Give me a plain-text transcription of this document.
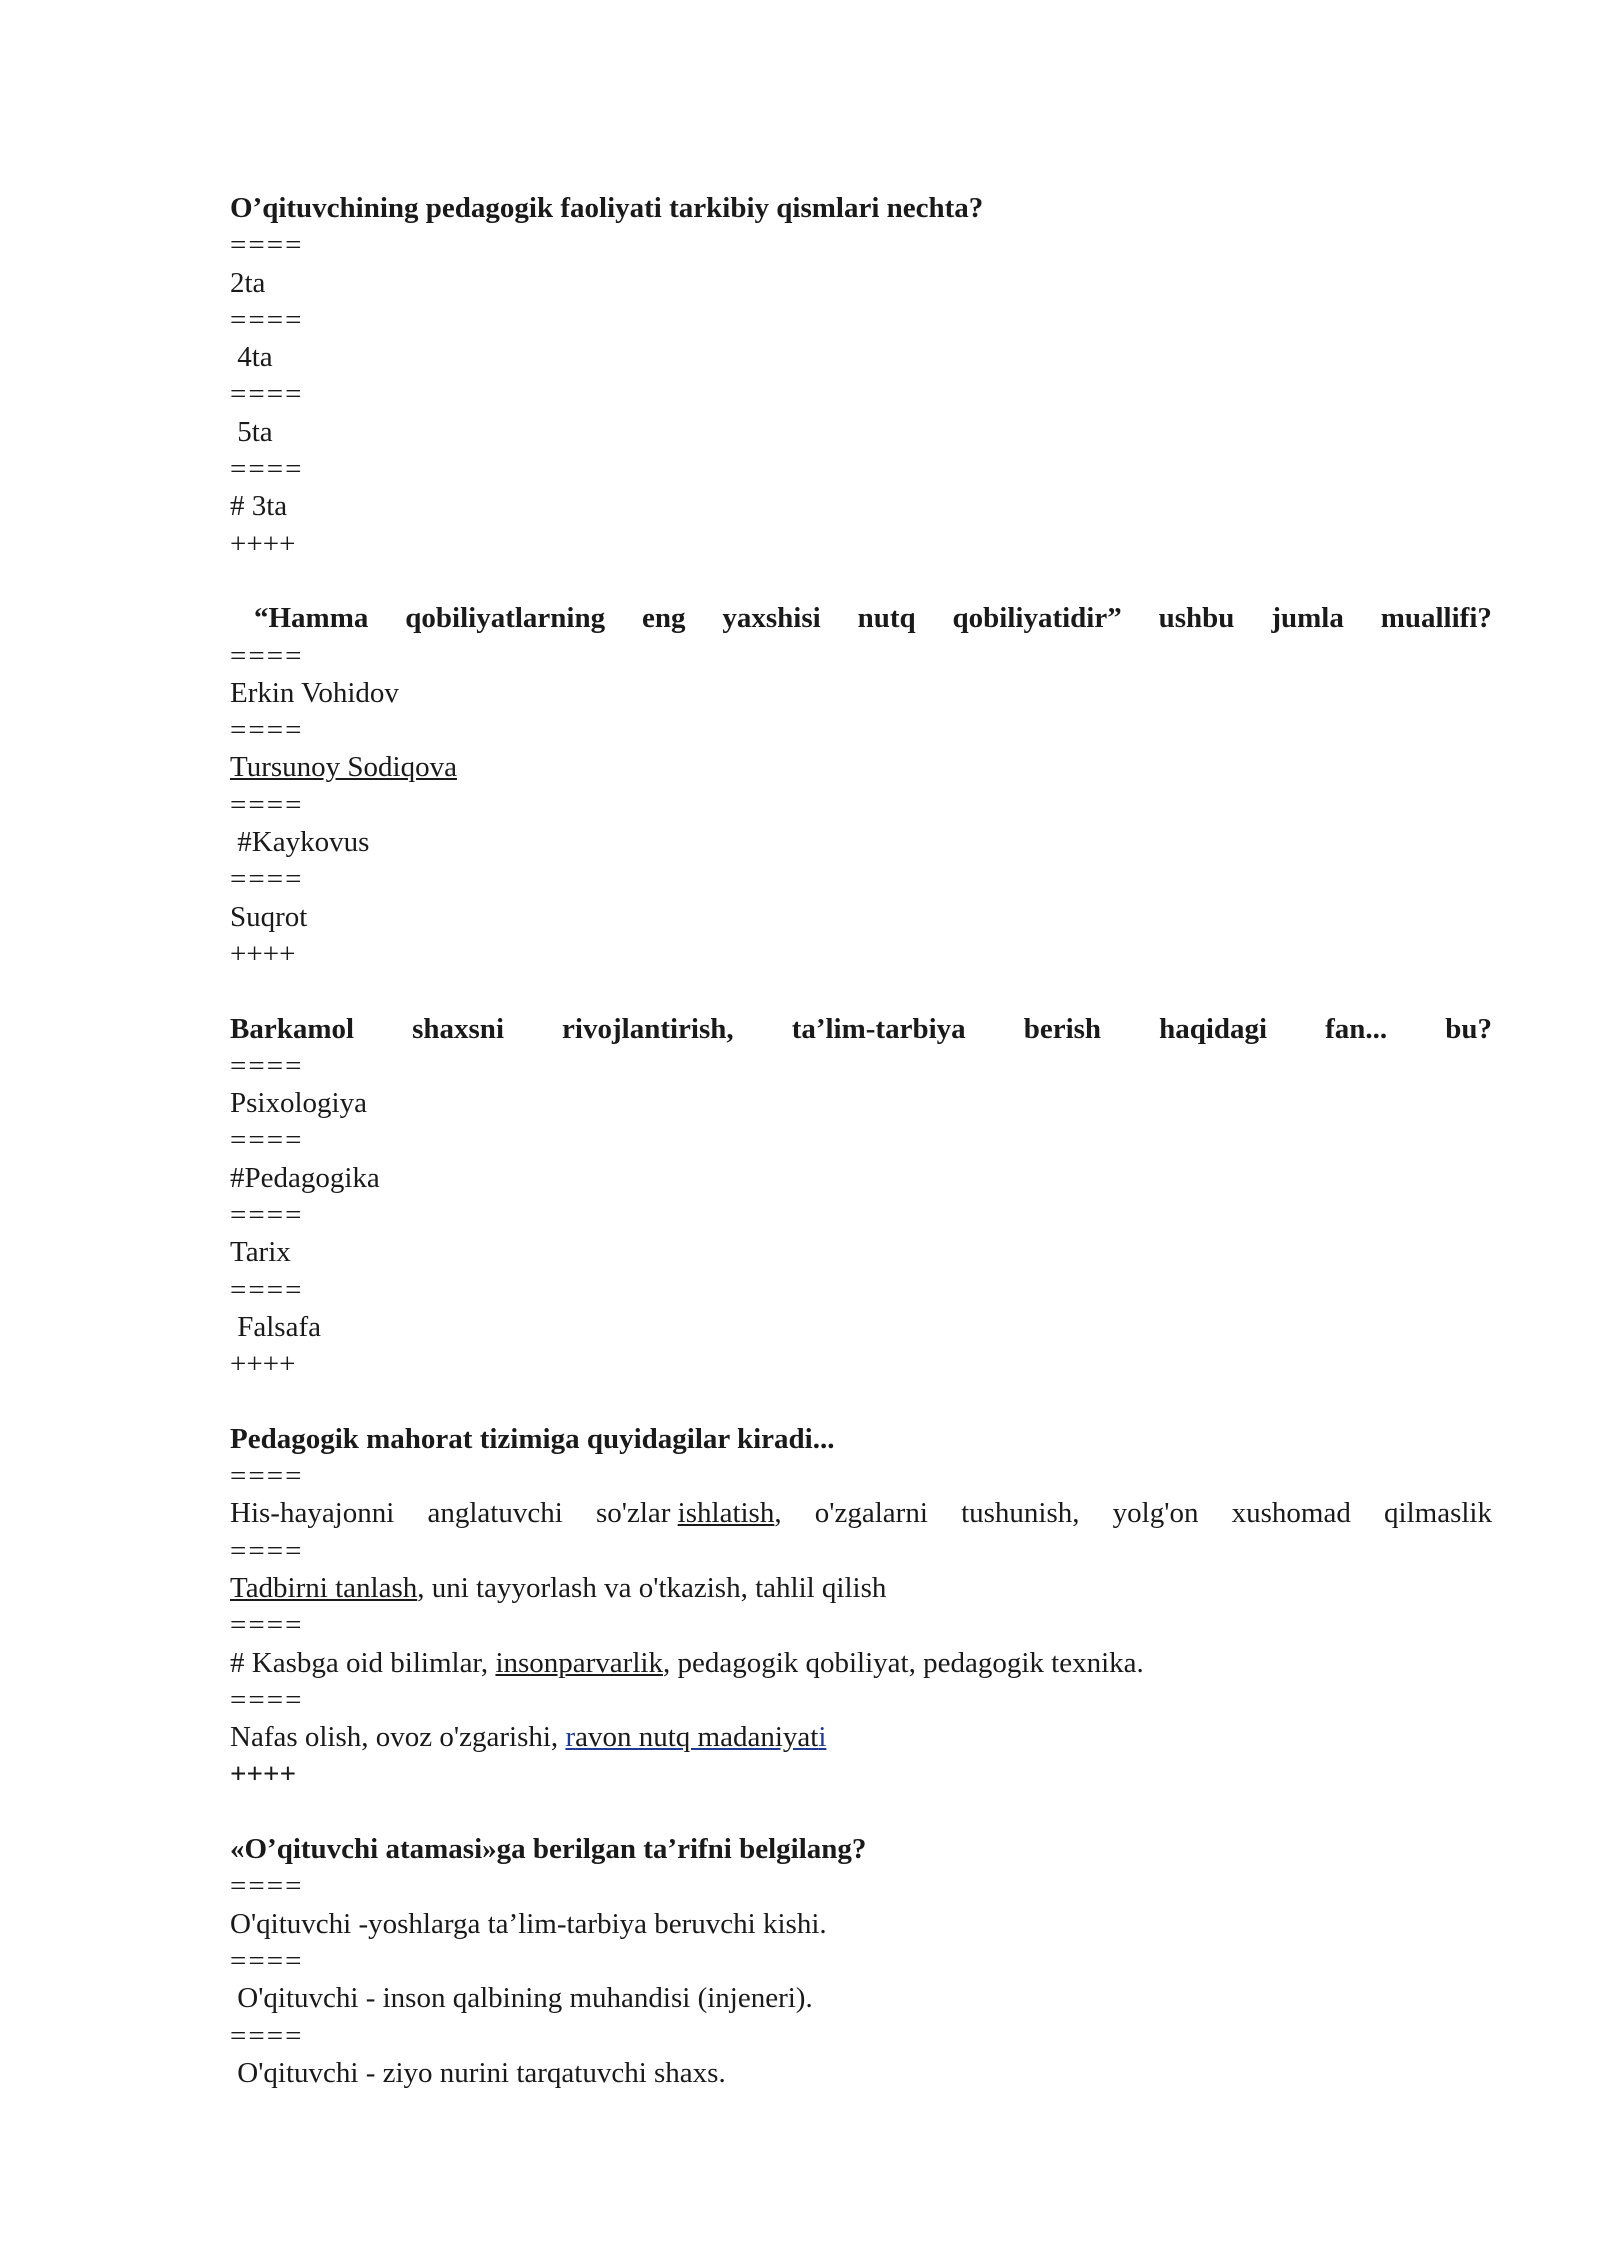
O’qituvchining pedagogik faoliyati tarkibiy qismlari nechta?
====
2ta
====
4ta
====
5ta
====
# 3ta
++++
“Hamma qobiliyatlarning eng yaxshisi nutq qobiliyatidir” ushbu jumla muallifi?
====
Erkin Vohidov
====
Tursunoy Sodiqova
====
#Kaykovus
====
Suqrot
++++
Barkamol shaxsni rivojlantirish, ta’lim-tarbiya berish haqidagi fan... bu?
====
Psixologiya
====
#Pedagogika
====
Tarix
====
Falsafa
++++
Pedagogik mahorat tizimiga quyidagilar kiradi...
====
His-hayajonni anglatuvchi so'zlar ishlatish, o'zgalarni tushunish, yolg'on xushomad qilmaslik
====
Tadbirni tanlash, uni tayyorlash va o'tkazish, tahlil qilish
====
# Kasbga oid bilimlar, insonparvarlik, pedagogik qobiliyat, pedagogik texnika.
====
Nafas olish, ovoz o'zgarishi, ravon nutq madaniyati
++++
«O’qituvchi atamasi»ga berilgan ta’rifni belgilang?
====
O'qituvchi -yoshlarga ta’lim-tarbiya beruvchi kishi.
====
O'qituvchi - inson qalbining muhandisi (injeneri).
====
O'qituvchi - ziyo nurini tarqatuvchi shaxs.
